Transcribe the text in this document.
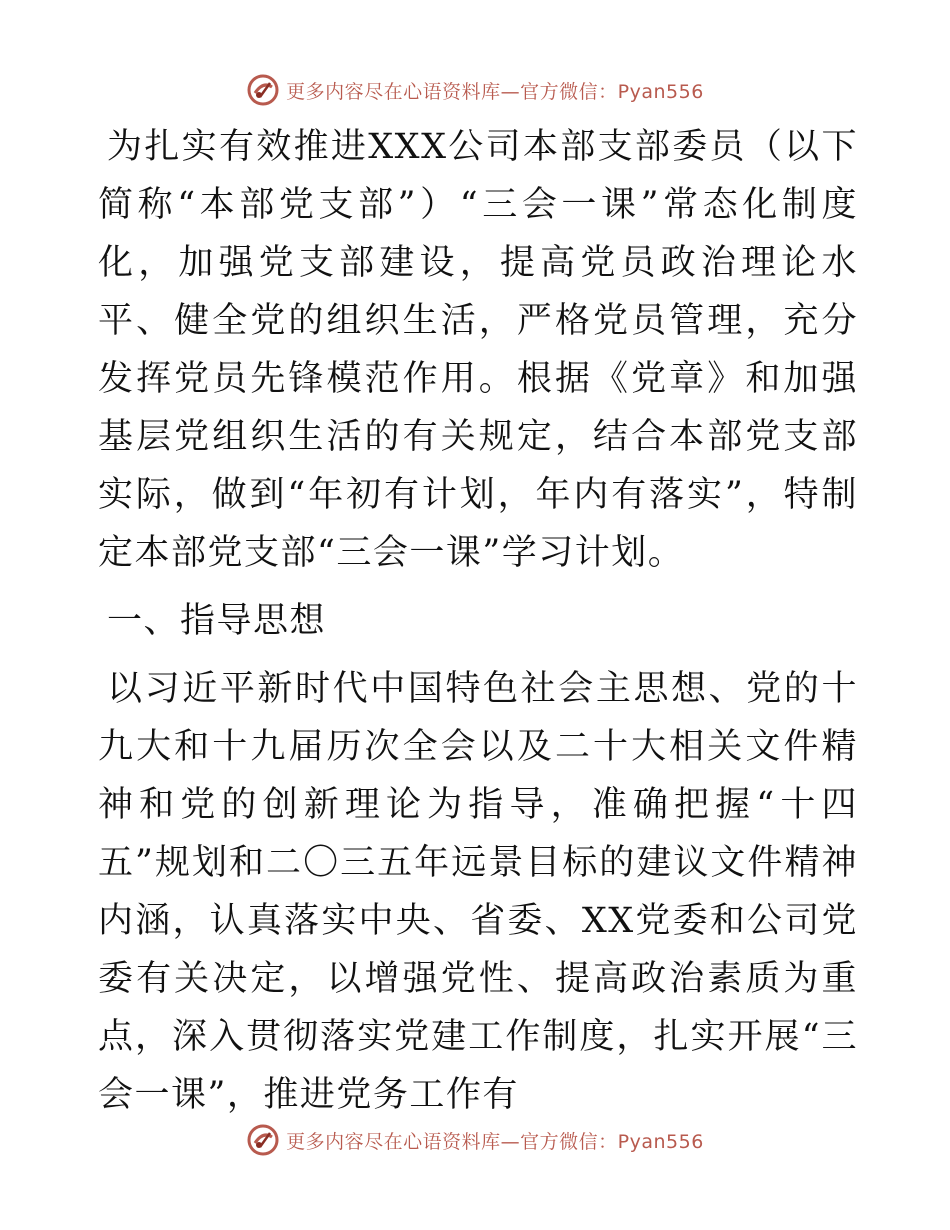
更多内容尽在心语资料库—官方微信：Pyan556

为扎实有效推进XXX公司本部支部委员（以下简称“本部党支部”）“三会一课”常态化制度化，加强党支部建设，提高党员政治理论水平、健全党的组织生活，严格党员管理，充分发挥党员先锋模范作用。根据《党章》和加强基层党组织生活的有关规定，结合本部党支部实际，做到“年初有计划，年内有落实”，特制定本部党支部“三会一课”学习计划。

一、指导思想

以习近平新时代中国特色社会主思想、党的十九大和十九届历次全会以及二十大相关文件精神和党的创新理论为指导，准确把握“十四五”规划和二〇三五年远景目标的建议文件精神内涵，认真落实中央、省委、XX党委和公司党委有关决定，以增强党性、提高政治素质为重点，深入贯彻落实党建工作制度，扎实开展“三会一课”，推进党务工作有

更多内容尽在心语资料库—官方微信：Pyan556
